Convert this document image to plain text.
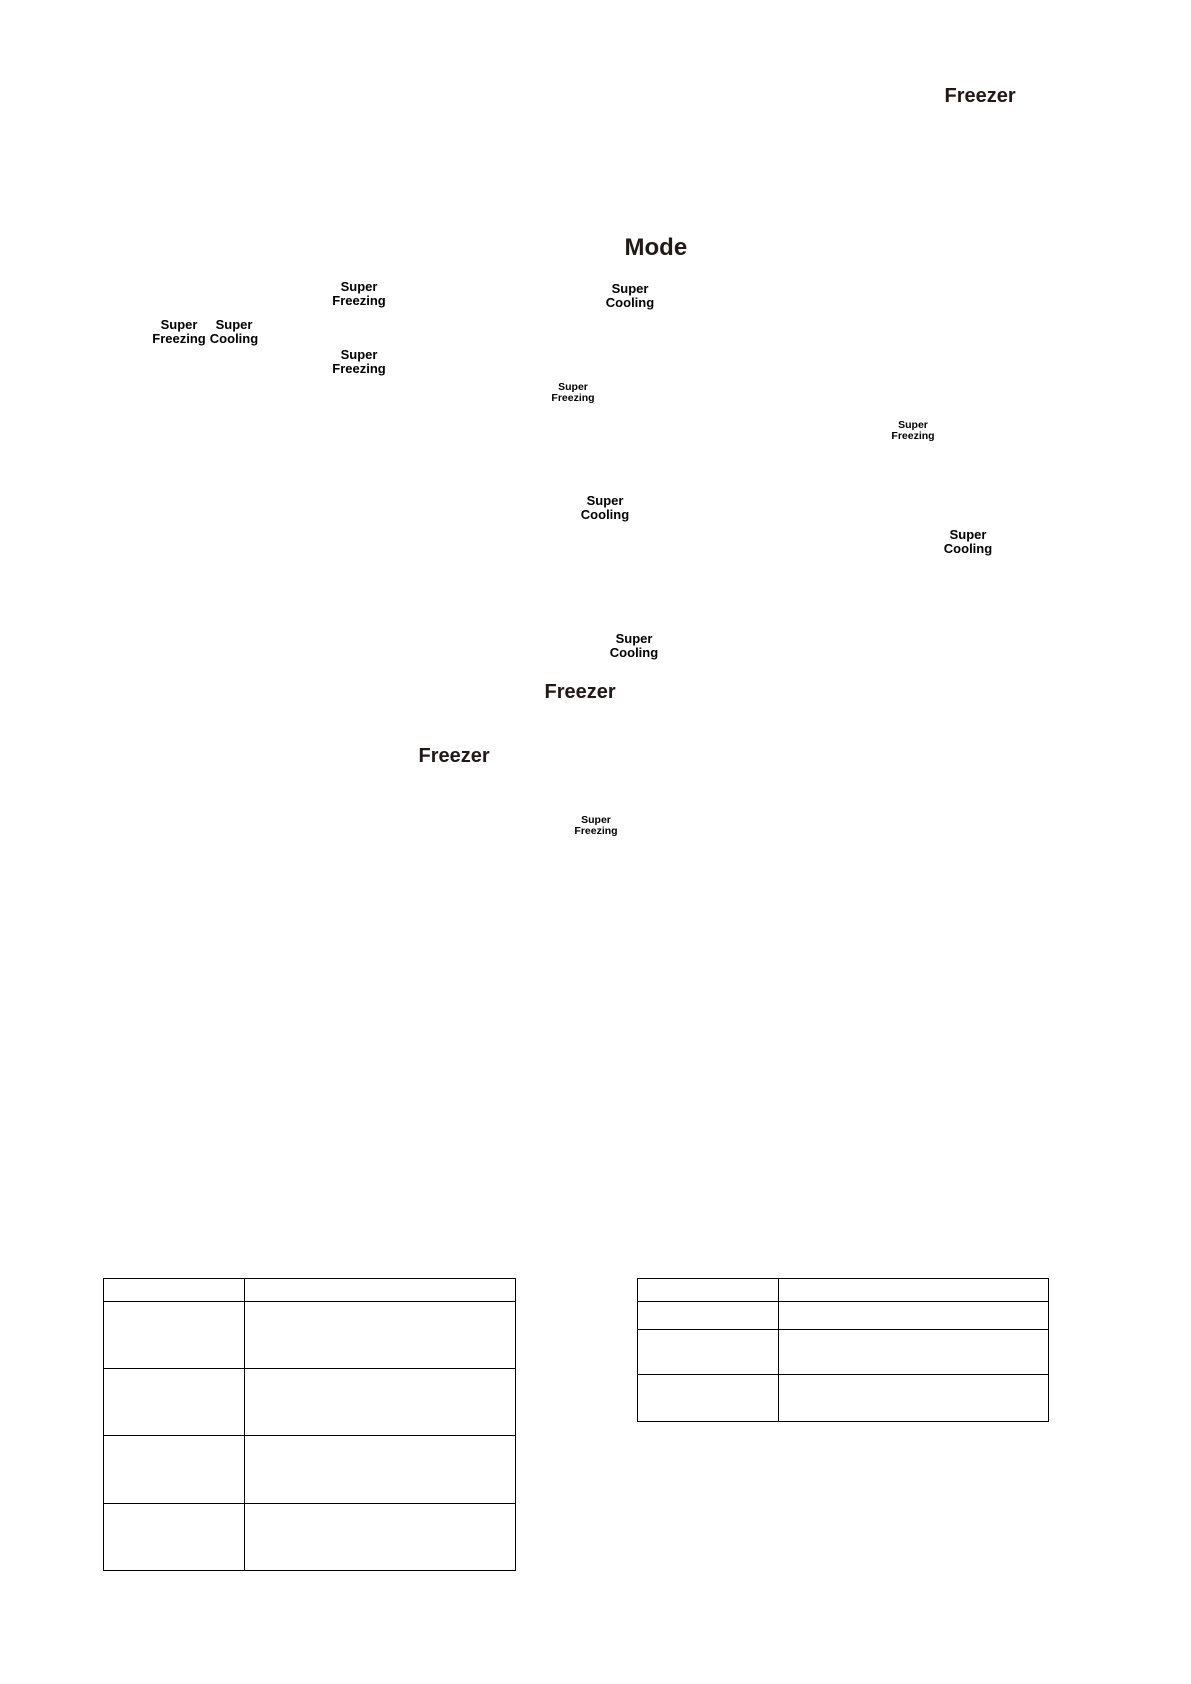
Freezer
Mode
Freezer
Freezer
Super
Freezing
Super
Cooling
Super
Freezing
Super
Freezing
Super
Cooling
Super
Freezing
Super
Freezing
Super
Cooling
Super
Cooling
Super
Cooling
Super
Freezing
